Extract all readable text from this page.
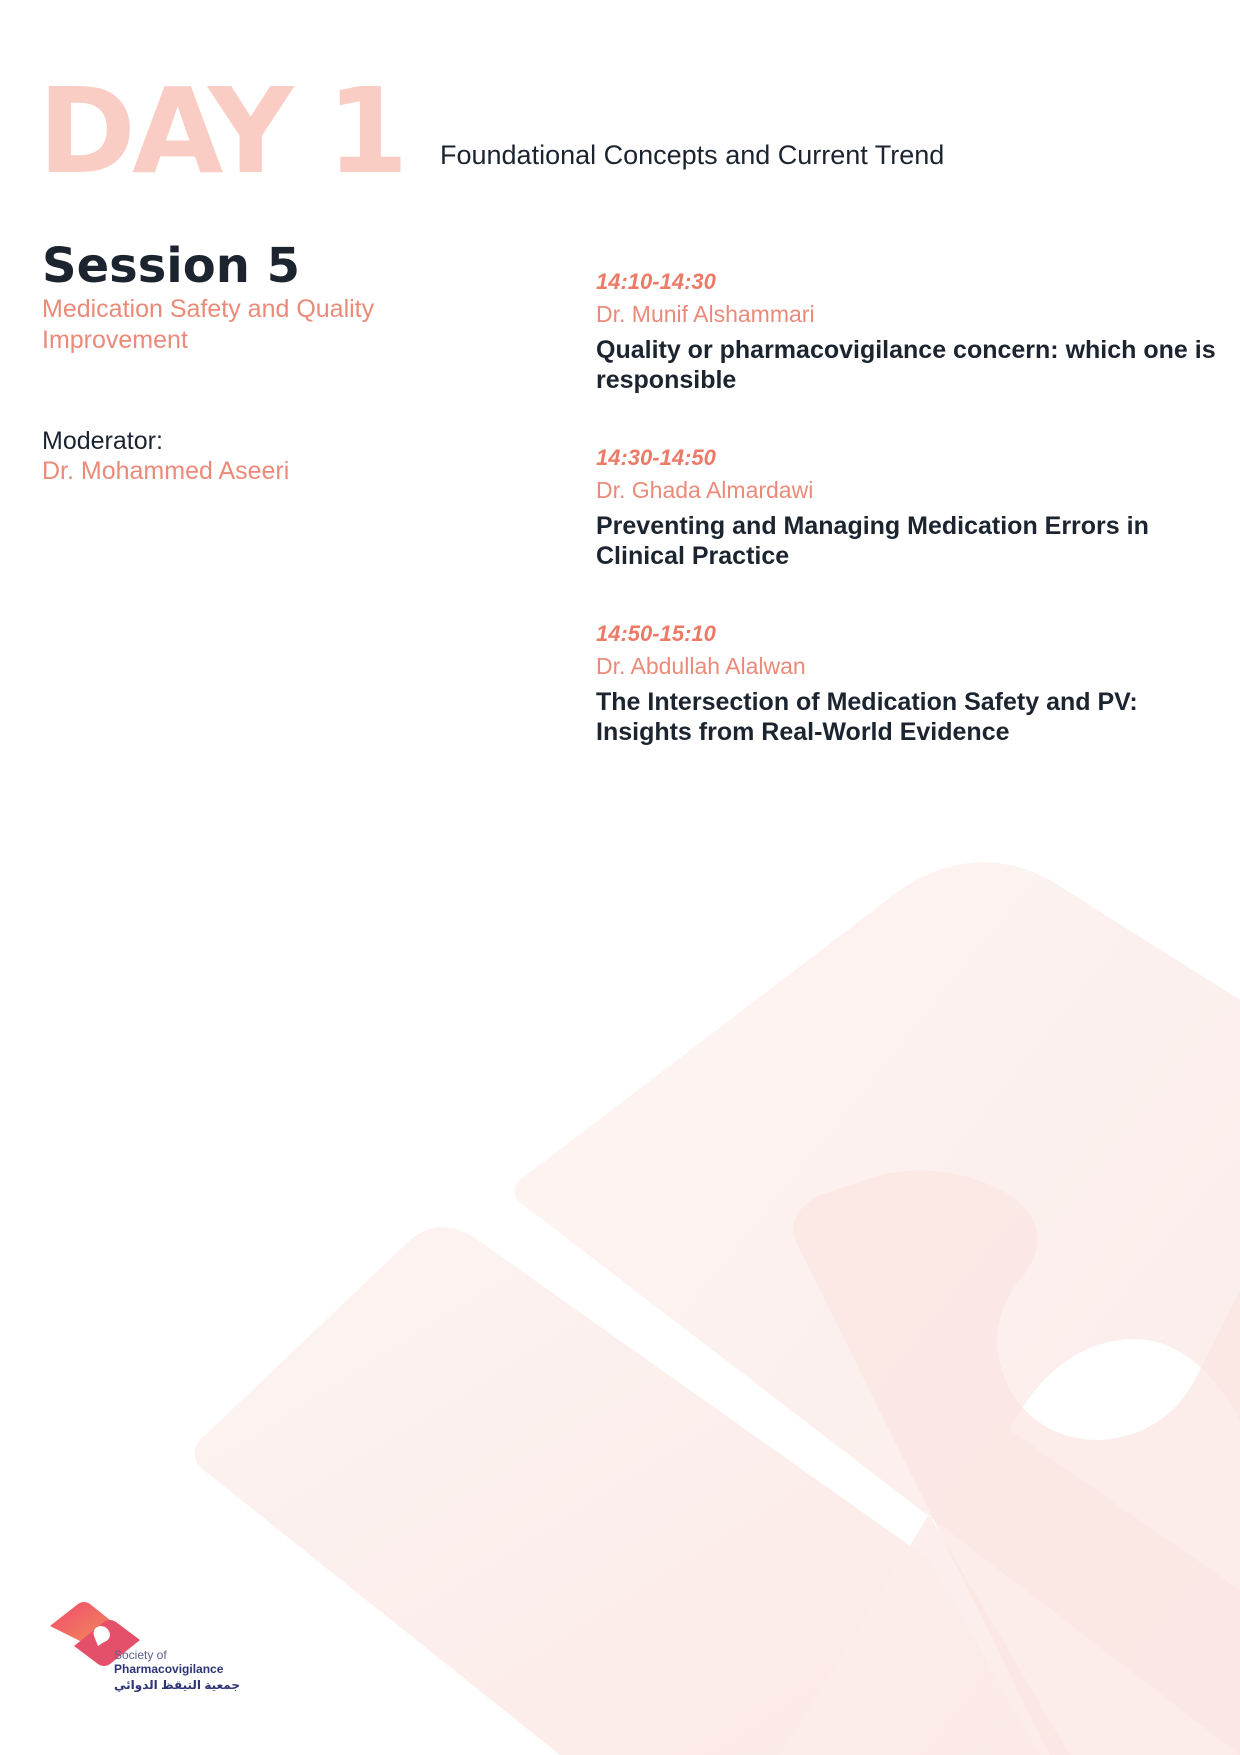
DAY 1 Foundational Concepts and Current Trend
Session 5
Medication Safety and Quality Improvement
Moderator:
Dr. Mohammed Aseeri
14:10-14:30
Dr. Munif Alshammari
Quality or pharmacovigilance concern: which one is responsible
14:30-14:50
Dr. Ghada Almardawi
Preventing and Managing Medication Errors in Clinical Practice
14:50-15:10
Dr. Abdullah Alalwan
The Intersection of Medication Safety and PV: Insights from Real-World Evidence
Society of
Pharmacovigilance
جمعية التيقظ الدوائي
